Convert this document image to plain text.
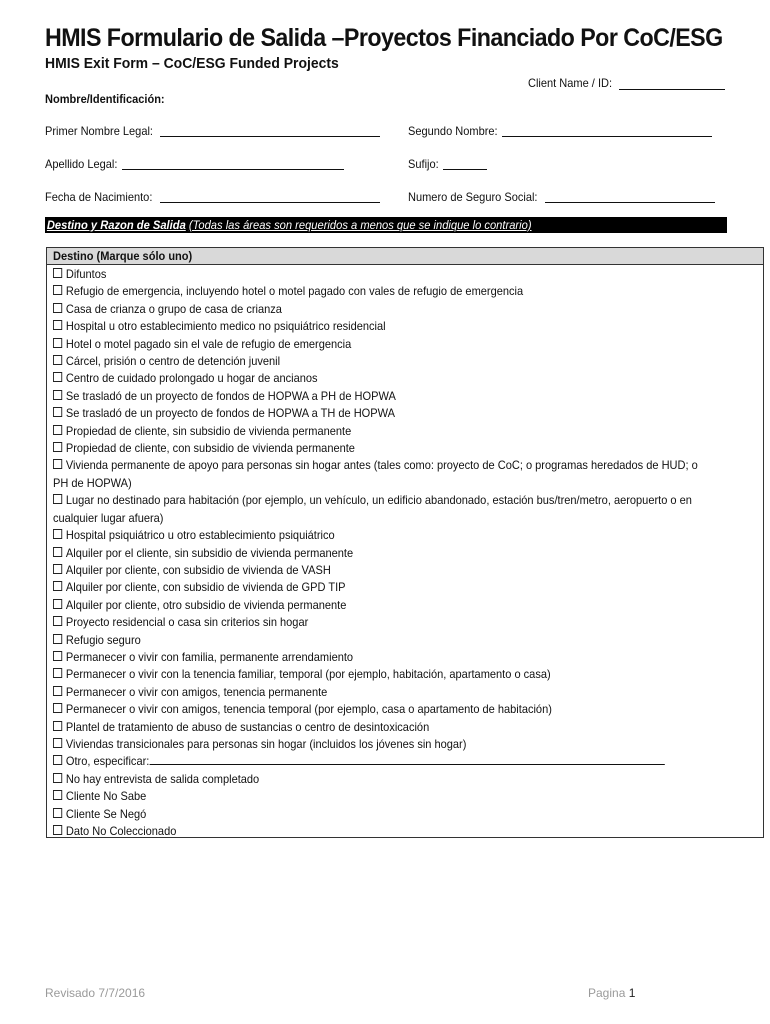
HMIS Formulario de Salida –Proyectos Financiado Por CoC/ESG
HMIS Exit Form – CoC/ESG Funded Projects
Client Name / ID:
Nombre/Identificación:
Primer Nombre Legal:	Segundo Nombre:
Apellido Legal:	Sufijo:
Fecha de Nacimiento:	Numero de Seguro Social:
Destino y Razon de Salida (Todas las áreas son requeridos a menos que se indique lo contrario)
Destino (Marque sólo uno)
Difuntos
Refugio de emergencia, incluyendo hotel o motel pagado con vales de refugio de emergencia
Casa de crianza o grupo de casa de crianza
Hospital u otro establecimiento medico no psiquiátrico residencial
Hotel o motel pagado sin el vale de refugio de emergencia
Cárcel, prisión o centro de detención juvenil
Centro de cuidado prolongado u hogar de ancianos
Se trasladó de un proyecto de fondos de HOPWA a PH de HOPWA
Se trasladó de un proyecto de fondos de HOPWA a TH de HOPWA
Propiedad de cliente, sin subsidio de vivienda permanente
Propiedad de cliente, con subsidio de vivienda permanente
Vivienda permanente de apoyo para personas sin hogar antes (tales como: proyecto de CoC; o programas heredados de HUD; o
PH de HOPWA)
Lugar no destinado para habitación (por ejemplo, un vehículo, un edificio abandonado, estación bus/tren/metro, aeropuerto o en
cualquier lugar afuera)
Hospital psiquiátrico u otro establecimiento psiquiátrico
Alquiler por el cliente, sin subsidio de vivienda permanente
Alquiler por cliente, con subsidio de vivienda de VASH
Alquiler por cliente, con subsidio de vivienda de GPD TIP
Alquiler por cliente, otro subsidio de vivienda permanente
Proyecto residencial o casa sin criterios sin hogar
Refugio seguro
Permanecer o vivir con familia, permanente arrendamiento
Permanecer o vivir con la tenencia familiar, temporal (por ejemplo, habitación, apartamento o casa)
Permanecer o vivir con amigos, tenencia permanente
Permanecer o vivir con amigos, tenencia temporal (por ejemplo, casa o apartamento de habitación)
Plantel de tratamiento de abuso de sustancias o centro de desintoxicación
Viviendas transicionales para personas sin hogar (incluidos los jóvenes sin hogar)
Otro, especificar:
No hay entrevista de salida completado
Cliente No Sabe
Cliente Se Negó
Dato No Coleccionado
Revisado 7/7/2016	Pagina 1
